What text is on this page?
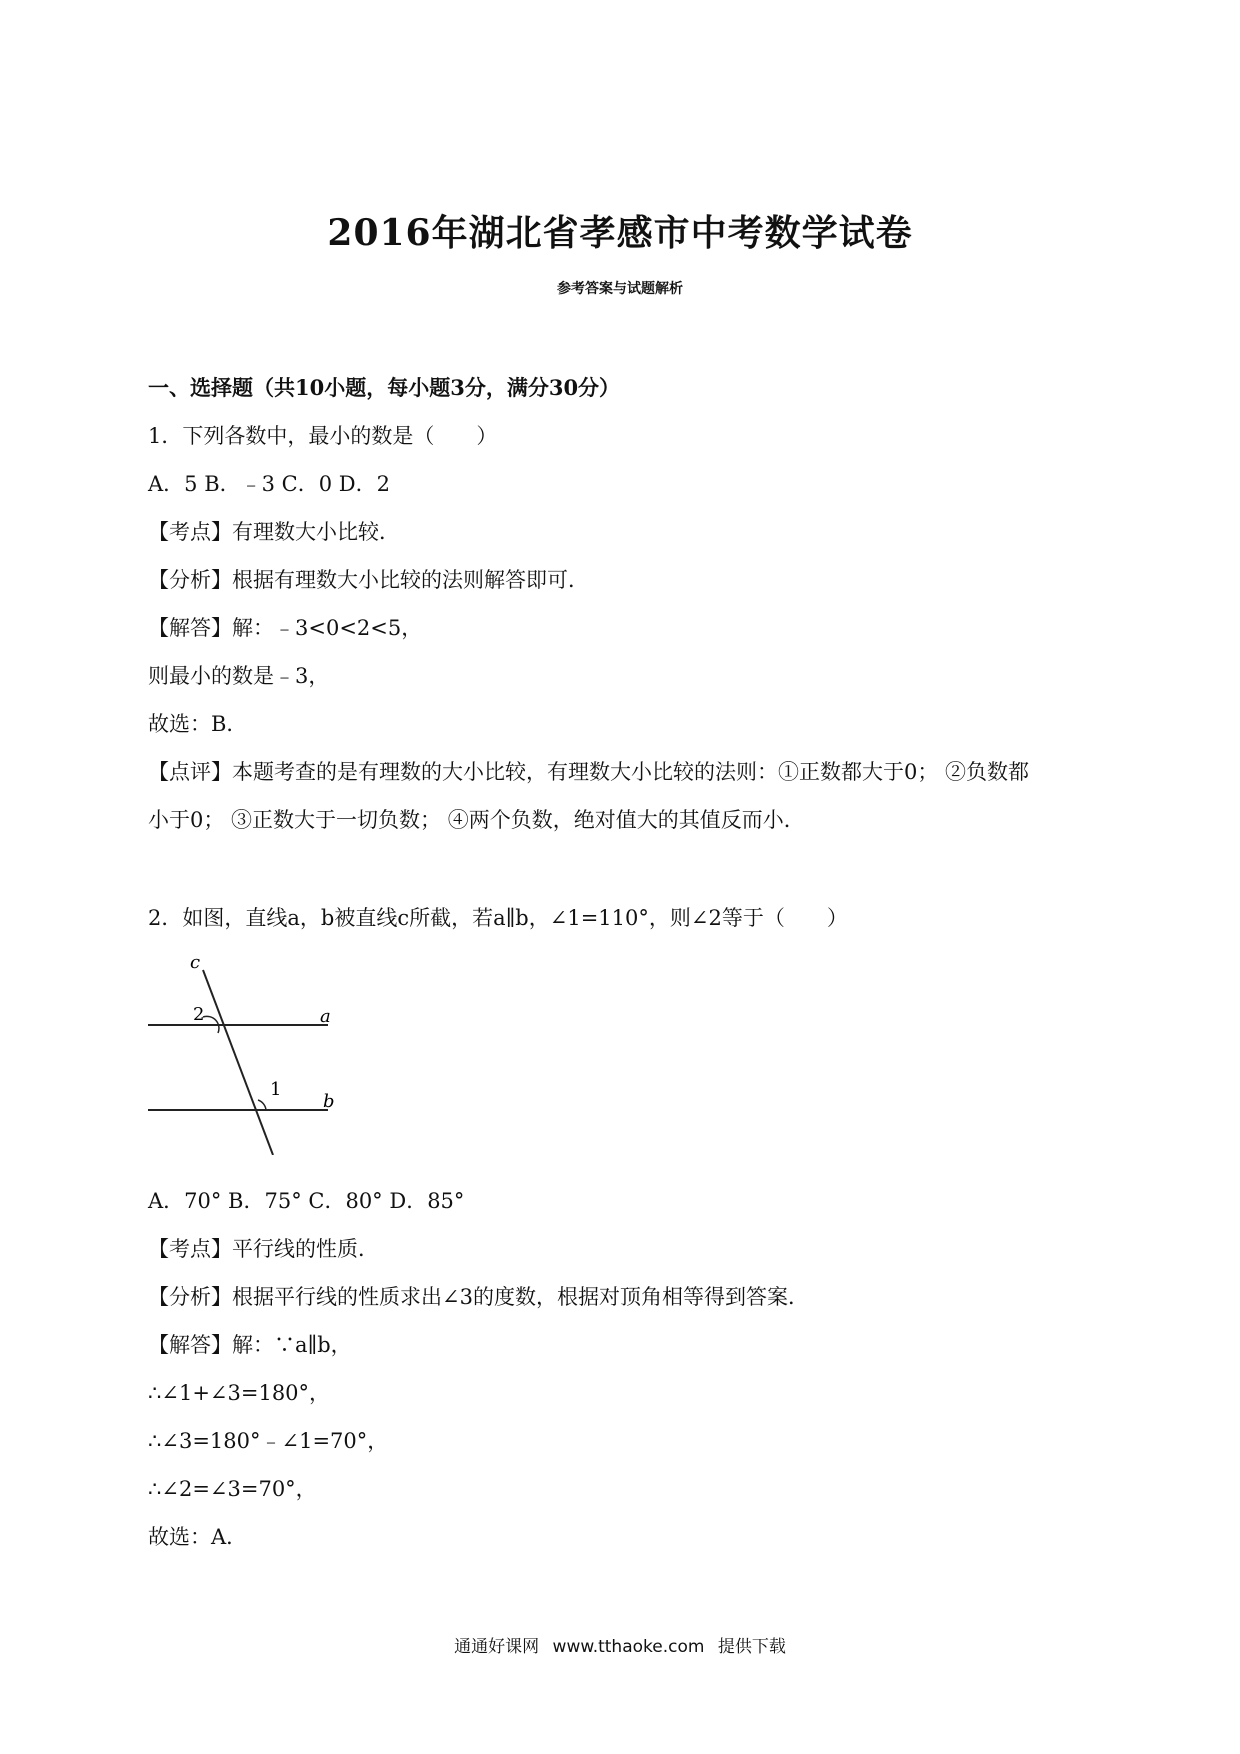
2016年湖北省孝感市中考数学试卷
参考答案与试题解析
一、选择题（共10小题，每小题3分，满分30分）
1．下列各数中，最小的数是（　　）
A．5 B．﹣3 C．0 D．2
【考点】有理数大小比较．
【分析】根据有理数大小比较的法则解答即可．
【解答】解：﹣3<0<2<5，
则最小的数是﹣3，
故选：B．
【点评】本题考查的是有理数的大小比较，有理数大小比较的法则：①正数都大于0； ②负数都
小于0； ③正数大于一切负数； ④两个负数，绝对值大的其值反而小．
2．如图，直线a，b被直线c所截，若a∥b，∠1=110°，则∠2等于（　　）
c
a
b
2
1
A．70° B．75° C．80° D．85°
【考点】平行线的性质．
【分析】根据平行线的性质求出∠3的度数，根据对顶角相等得到答案．
【解答】解：∵a∥b，
∴∠1+∠3=180°，
∴∠3=180°﹣∠1=70°，
∴∠2=∠3=70°，
故选：A．
通通好课网 www.tthaoke.com 提供下载
